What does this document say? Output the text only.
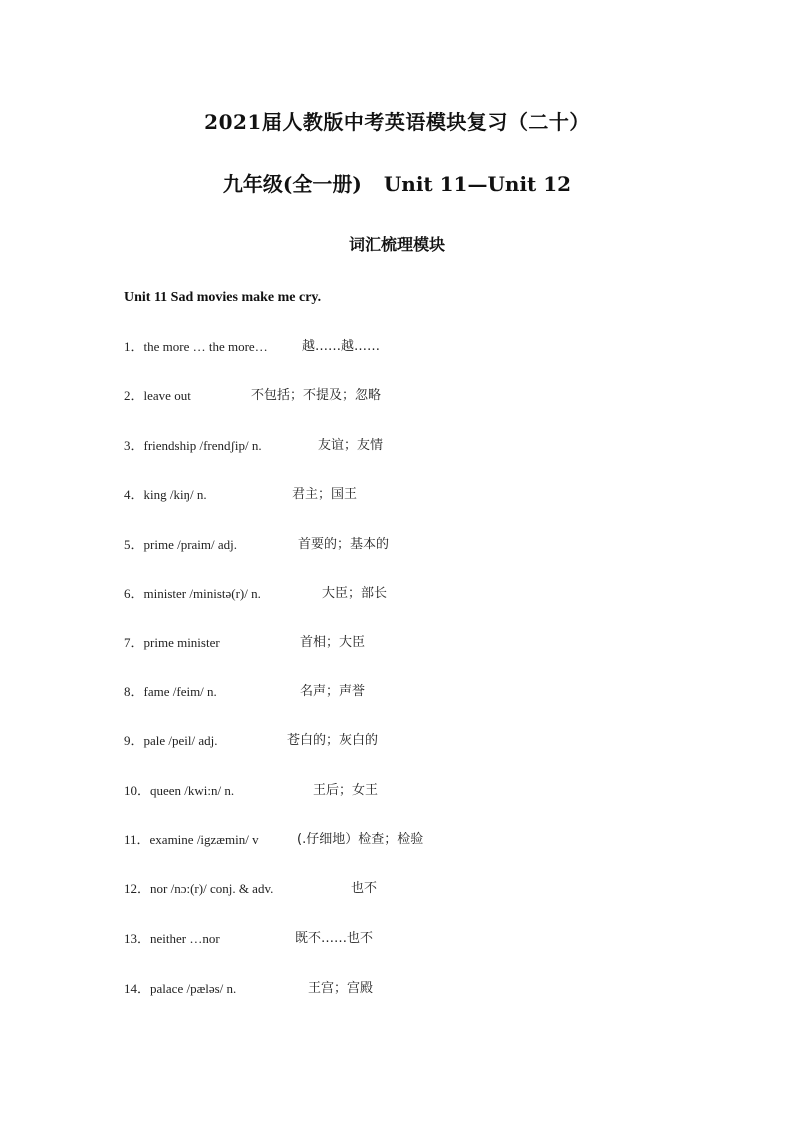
2021届人教版中考英语模块复习（二十）
九年级(全一册) Unit 11—Unit 12
词汇梳理模块
Unit 11 Sad movies make me cry.
1．the more … the more…	越……越……
2．leave out	不包括；不提及；忽略
3．friendship /frendʃip/ n.	友谊；友情
4．king /kiŋ/ n.	君主；国王
5．prime /praim/ adj.	首要的；基本的
6．minister /ministə(r)/ n.	大臣；部长
7．prime minister	首相；大臣
8．fame /feim/ n.	名声；声誉
9．pale /peil/ adj.	苍白的；灰白的
10．queen /kwi:n/ n.	王后；女王
11．examine /igzæmin/ v	(.仔细地）检查；检验
12．nor /nɔ:(r)/ conj. & adv.	也不
13．neither …nor	既不……也不
14．palace /pæləs/ n.	王宫；宫殿
